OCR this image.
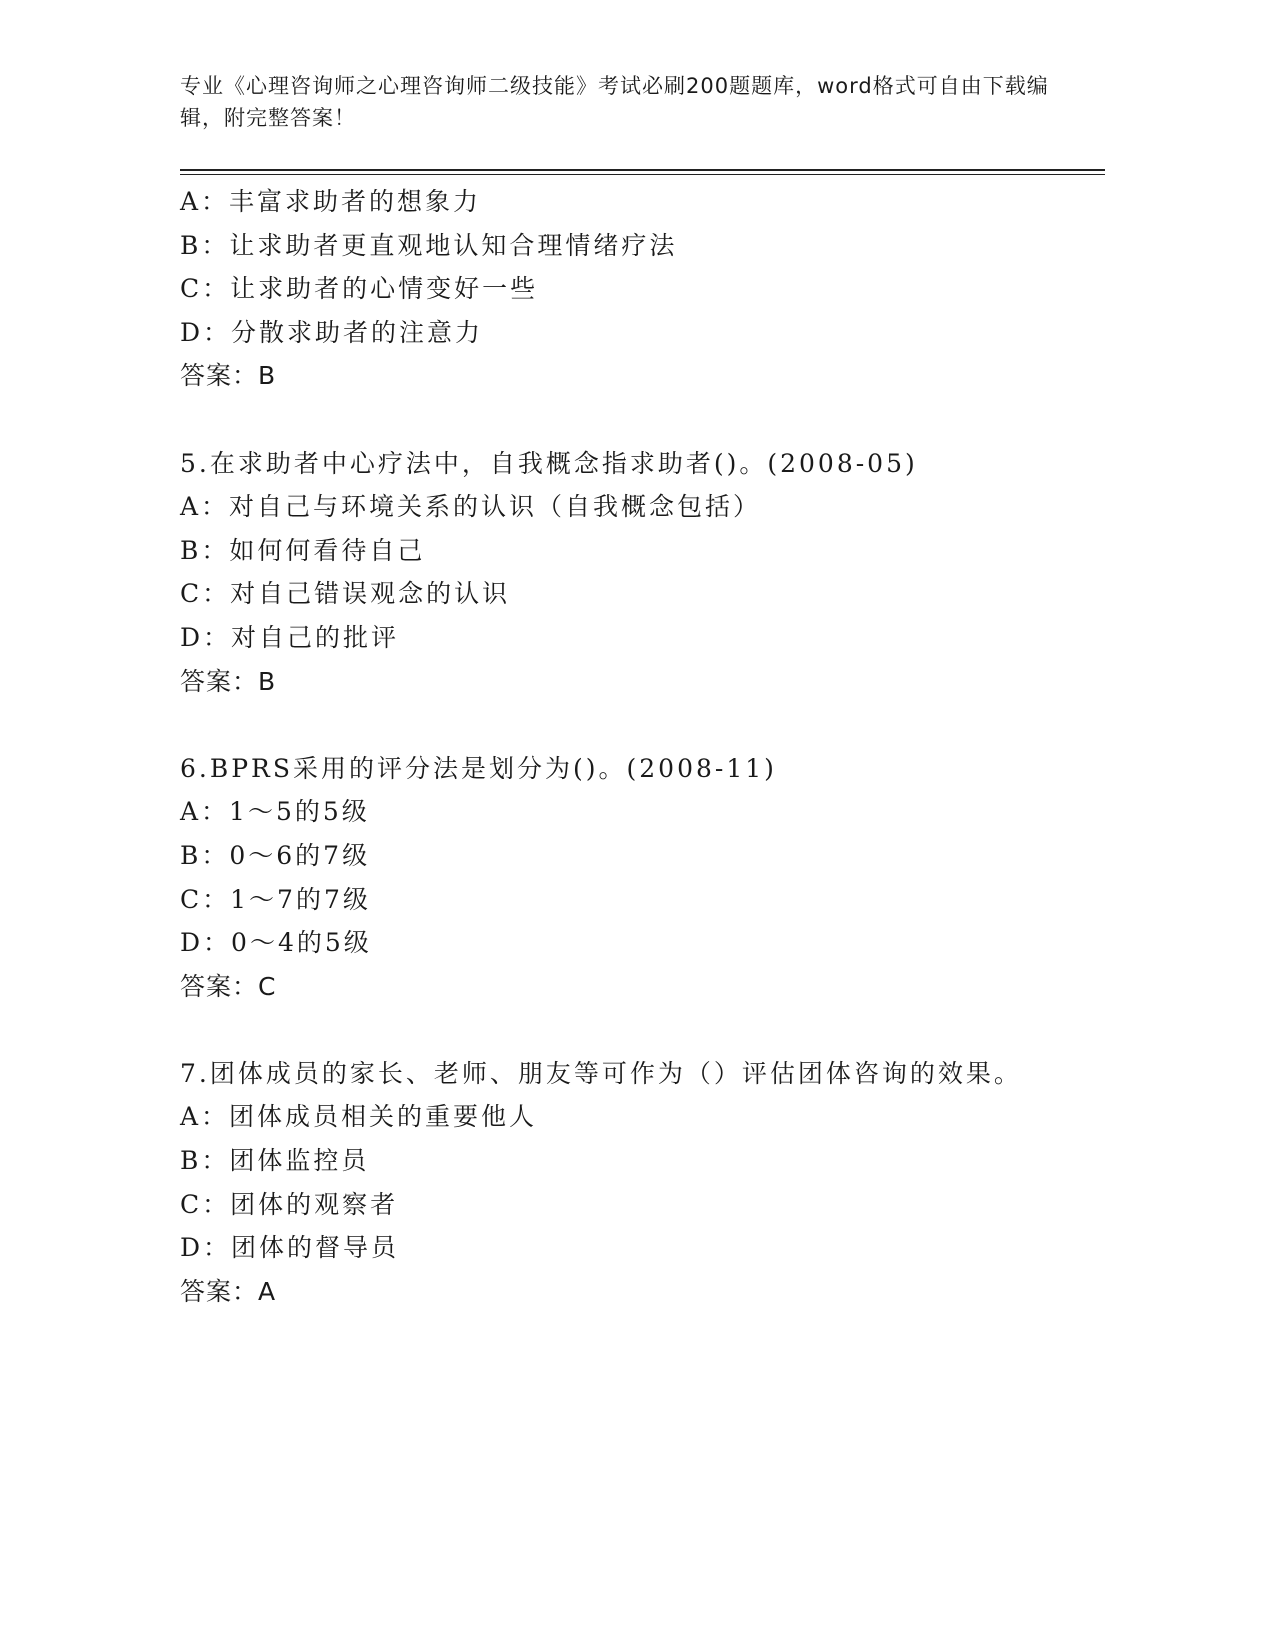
专业《心理咨询师之心理咨询师二级技能》考试必刷200题题库，word格式可自由下载编辑，附完整答案！
A：丰富求助者的想象力
B：让求助者更直观地认知合理情绪疗法
C：让求助者的心情变好一些
D：分散求助者的注意力
答案：B
5.在求助者中心疗法中，自我概念指求助者()。(2008-05)
A：对自己与环境关系的认识（自我概念包括）
B：如何何看待自己
C：对自己错误观念的认识
D：对自己的批评
答案：B
6.BPRS采用的评分法是划分为()。(2008-11)
A：1～5的5级
B：0～6的7级
C：1～7的7级
D：0～4的5级
答案：C
7.团体成员的家长、老师、朋友等可作为（）评估团体咨询的效果。
A：团体成员相关的重要他人
B：团体监控员
C：团体的观察者
D：团体的督导员
答案：A
